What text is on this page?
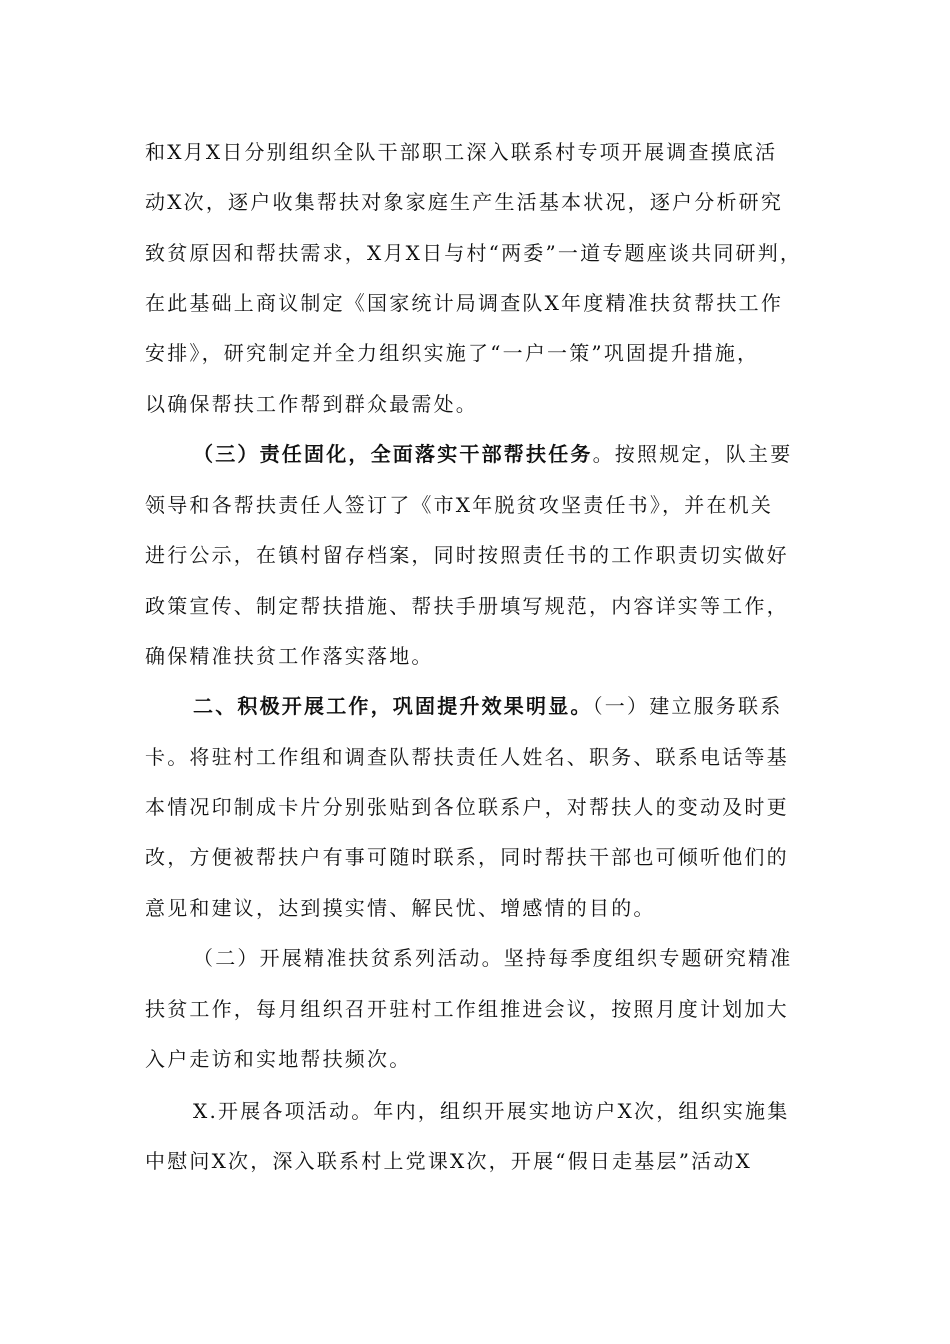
和X月X日分别组织全队干部职工深入联系村专项开展调查摸底活
动X次，逐户收集帮扶对象家庭生产生活基本状况，逐户分析研究
致贫原因和帮扶需求，X月X日与村“两委”一道专题座谈共同研判，
在此基础上商议制定《国家统计局调查队X年度精准扶贫帮扶工作
安排》，研究制定并全力组织实施了“一户一策”巩固提升措施，
以确保帮扶工作帮到群众最需处。
（三）责任固化，全面落实干部帮扶任务。按照规定，队主要
领导和各帮扶责任人签订了《市X年脱贫攻坚责任书》，并在机关
进行公示，在镇村留存档案，同时按照责任书的工作职责切实做好
政策宣传、制定帮扶措施、帮扶手册填写规范，内容详实等工作，
确保精准扶贫工作落实落地。
二、积极开展工作，巩固提升效果明显。（一）建立服务联系
卡。将驻村工作组和调查队帮扶责任人姓名、职务、联系电话等基
本情况印制成卡片分别张贴到各位联系户，对帮扶人的变动及时更
改，方便被帮扶户有事可随时联系，同时帮扶干部也可倾听他们的
意见和建议，达到摸实情、解民忧、增感情的目的。
（二）开展精准扶贫系列活动。坚持每季度组织专题研究精准
扶贫工作，每月组织召开驻村工作组推进会议，按照月度计划加大
入户走访和实地帮扶频次。
X.开展各项活动。年内，组织开展实地访户X次，组织实施集
中慰问X次，深入联系村上党课X次，开展“假日走基层”活动X
